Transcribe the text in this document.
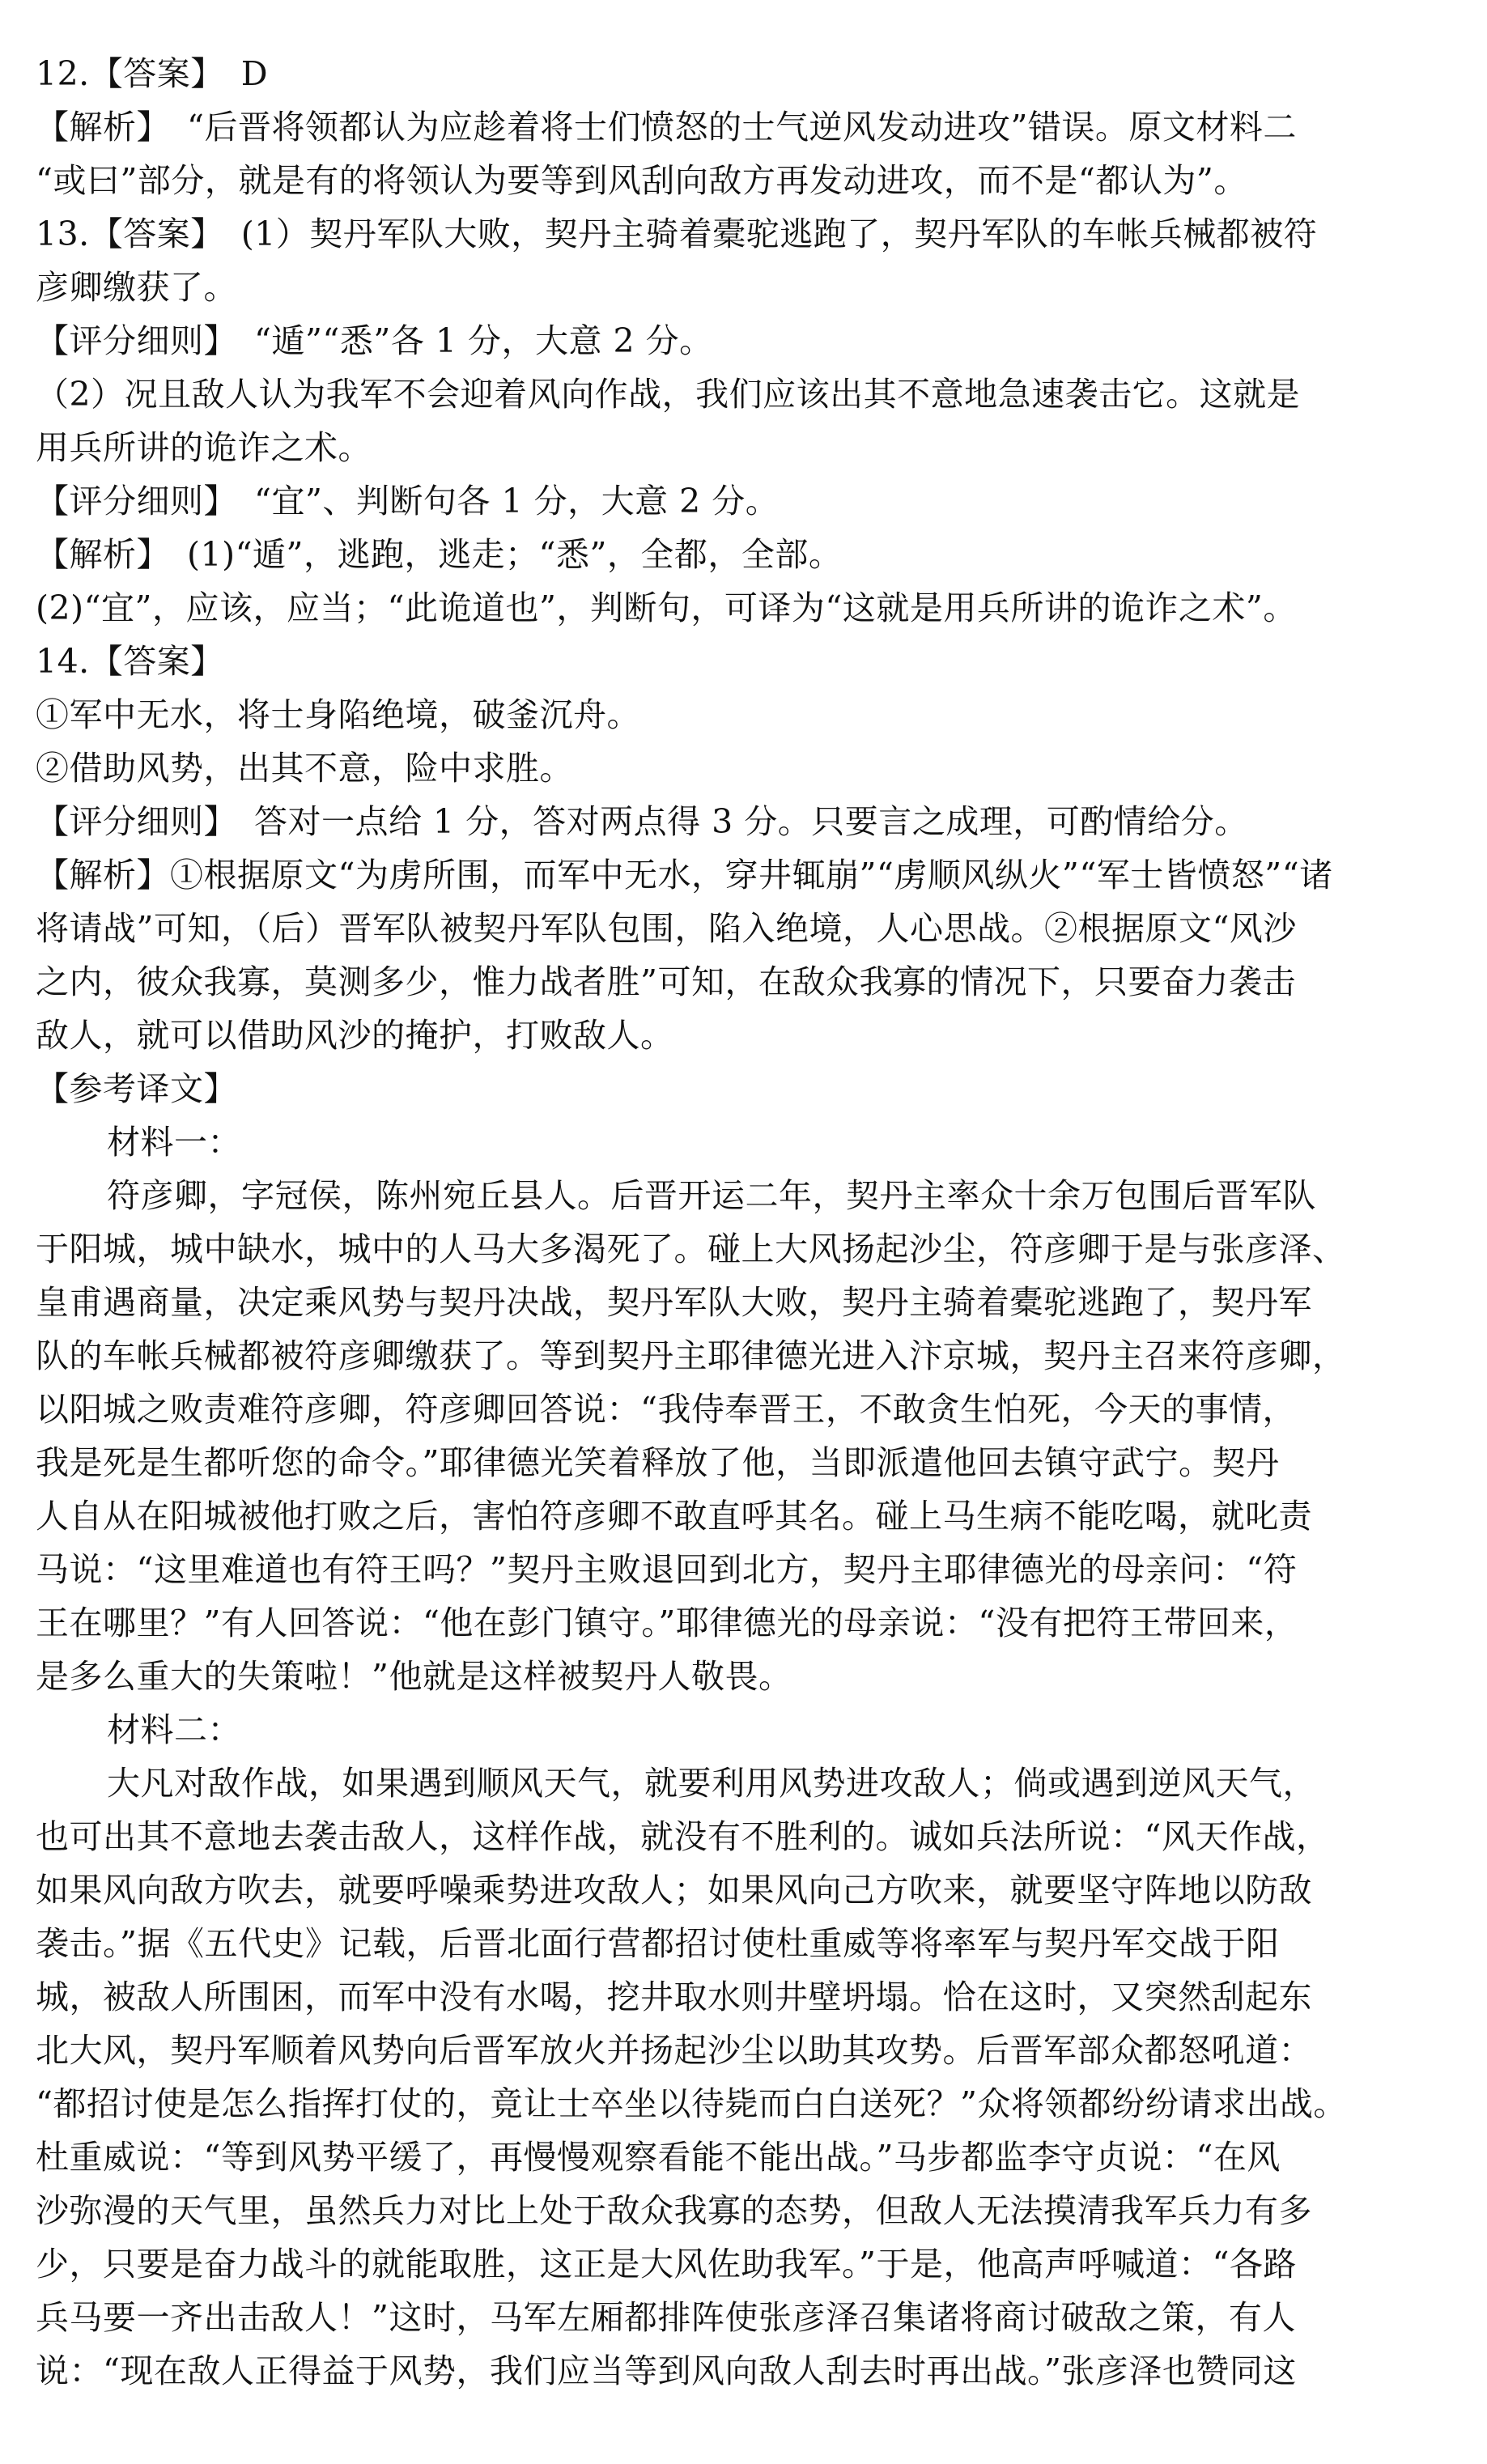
12.【答案】　D
【解析】　“后晋将领都认为应趁着将士们愤怒的士气逆风发动进攻”错误。原文材料二
“或曰”部分，就是有的将领认为要等到风刮向敌方再发动进攻，而不是“都认为”。
13.【答案】　(1）契丹军队大败，契丹主骑着橐驼逃跑了，契丹军队的车帐兵械都被符
彦卿缴获了。
【评分细则】　“遁”“悉”各 1 分，大意 2 分。
（2）况且敌人认为我军不会迎着风向作战，我们应该出其不意地急速袭击它。这就是
用兵所讲的诡诈之术。
【评分细则】　“宜”、判断句各 1 分，大意 2 分。
【解析】　(1)“遁”，逃跑，逃走；“悉”，全都，全部。
(2)“宜”，应该，应当；“此诡道也”，判断句，可译为“这就是用兵所讲的诡诈之术”。
14.【答案】
①军中无水，将士身陷绝境，破釜沉舟。
②借助风势，出其不意，险中求胜。
【评分细则】　答对一点给 1 分，答对两点得 3 分。只要言之成理，可酌情给分。
【解析】①根据原文“为虏所围，而军中无水，穿井辄崩”“虏顺风纵火”“军士皆愤怒”“诸
将请战”可知，（后）晋军队被契丹军队包围，陷入绝境，人心思战。②根据原文“风沙
之内，彼众我寡，莫测多少，惟力战者胜”可知，在敌众我寡的情况下，只要奋力袭击
敌人，就可以借助风沙的掩护，打败敌人。
【参考译文】
材料一：
符彦卿，字冠侯，陈州宛丘县人。后晋开运二年，契丹主率众十余万包围后晋军队
于阳城，城中缺水，城中的人马大多渴死了。碰上大风扬起沙尘，符彦卿于是与张彦泽、
皇甫遇商量，决定乘风势与契丹决战，契丹军队大败，契丹主骑着橐驼逃跑了，契丹军
队的车帐兵械都被符彦卿缴获了。等到契丹主耶律德光进入汴京城，契丹主召来符彦卿，
以阳城之败责难符彦卿，符彦卿回答说：“我侍奉晋王，不敢贪生怕死，今天的事情，
我是死是生都听您的命令。”耶律德光笑着释放了他，当即派遣他回去镇守武宁。契丹
人自从在阳城被他打败之后，害怕符彦卿不敢直呼其名。碰上马生病不能吃喝，就叱责
马说：“这里难道也有符王吗？”契丹主败退回到北方，契丹主耶律德光的母亲问：“符
王在哪里？”有人回答说：“他在彭门镇守。”耶律德光的母亲说：“没有把符王带回来，
是多么重大的失策啦！”他就是这样被契丹人敬畏。
材料二：
大凡对敌作战，如果遇到顺风天气，就要利用风势进攻敌人；倘或遇到逆风天气，
也可出其不意地去袭击敌人，这样作战，就没有不胜利的。诚如兵法所说：“风天作战，
如果风向敌方吹去，就要呼噪乘势进攻敌人；如果风向己方吹来，就要坚守阵地以防敌
袭击。”据《五代史》记载，后晋北面行营都招讨使杜重威等将率军与契丹军交战于阳
城，被敌人所围困，而军中没有水喝，挖井取水则井壁坍塌。恰在这时，又突然刮起东
北大风，契丹军顺着风势向后晋军放火并扬起沙尘以助其攻势。后晋军部众都怒吼道：
“都招讨使是怎么指挥打仗的，竟让士卒坐以待毙而白白送死？”众将领都纷纷请求出战。
杜重威说：“等到风势平缓了，再慢慢观察看能不能出战。”马步都监李守贞说：“在风
沙弥漫的天气里，虽然兵力对比上处于敌众我寡的态势，但敌人无法摸清我军兵力有多
少，只要是奋力战斗的就能取胜，这正是大风佐助我军。”于是，他高声呼喊道：“各路
兵马要一齐出击敌人！”这时，马军左厢都排阵使张彦泽召集诸将商讨破敌之策，有人
说：“现在敌人正得益于风势，我们应当等到风向敌人刮去时再出战。”张彦泽也赞同这
